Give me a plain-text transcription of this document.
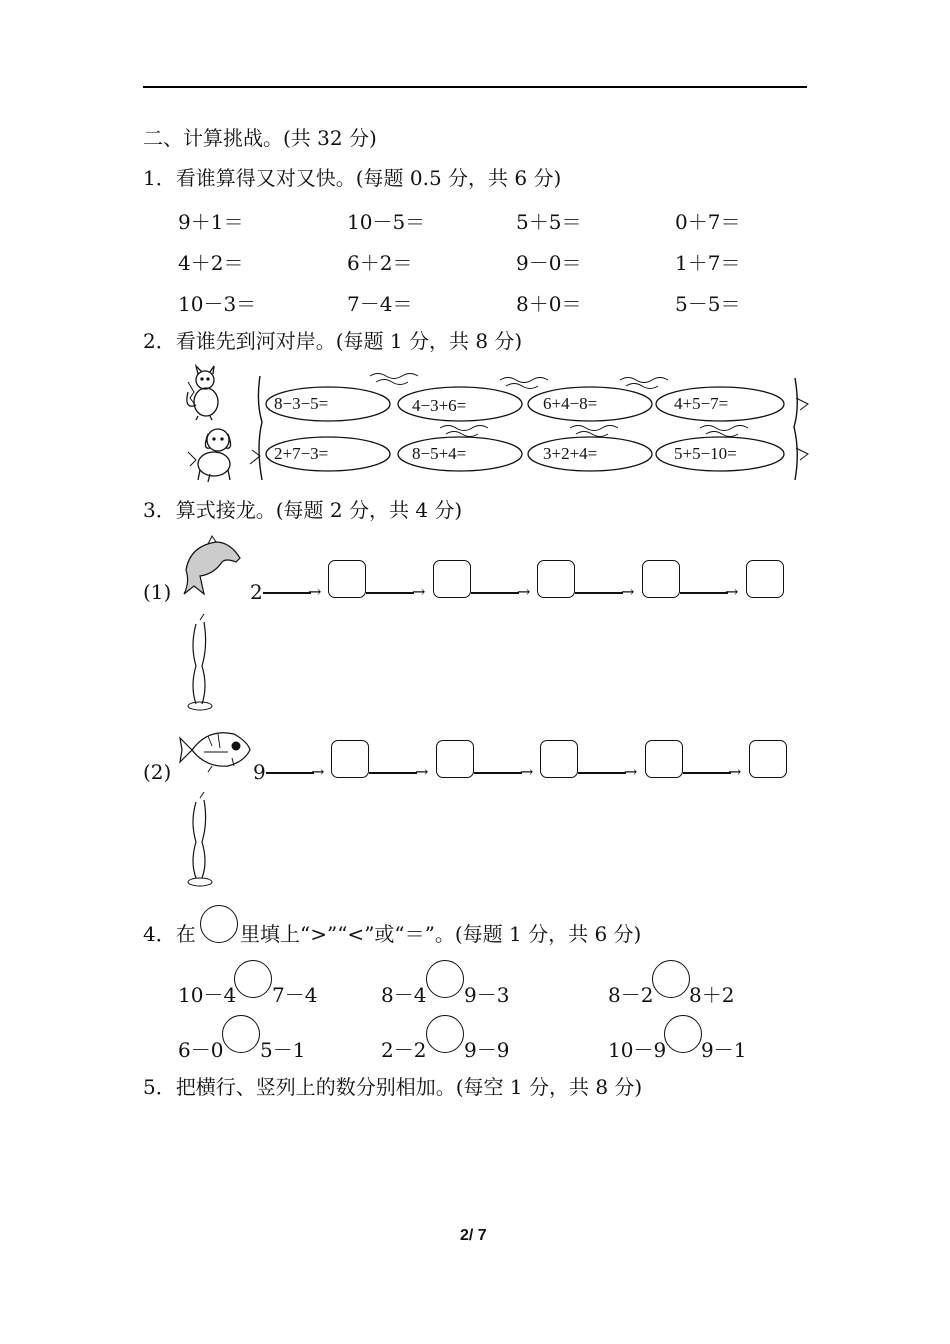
二、计算挑战。(共 32 分)
1．看谁算得又对又快。(每题 0.5 分，共 6 分)
9＋1＝	10－5＝	5＋5＝	0＋7＝
4＋2＝	6＋2＝	9－0＝	1＋7＝
10－3＝	7－4＝	8＋0＝	5－5＝
2．看谁先到河对岸。(每题 1 分，共 8 分)
8−3−5=	4−3+6=	6+4−8=	4+5−7=
2+7−3=	8−5+4=	3+2+4=	5+5−10=
3．算式接龙。(每题 2 分，共 4 分)
(1)	2	→	→	→	→	→
(2)	9	→	→	→	→	→
4．在 里填上“>”“<”或“＝”。(每题 1 分，共 6 分)
10－4 7－4	8－4 9－3	8－2 8＋2
6－0 5－1	2－2 9－9	10－9 9－1
5．把横行、竖列上的数分别相加。(每空 1 分，共 8 分)
2/ 7
